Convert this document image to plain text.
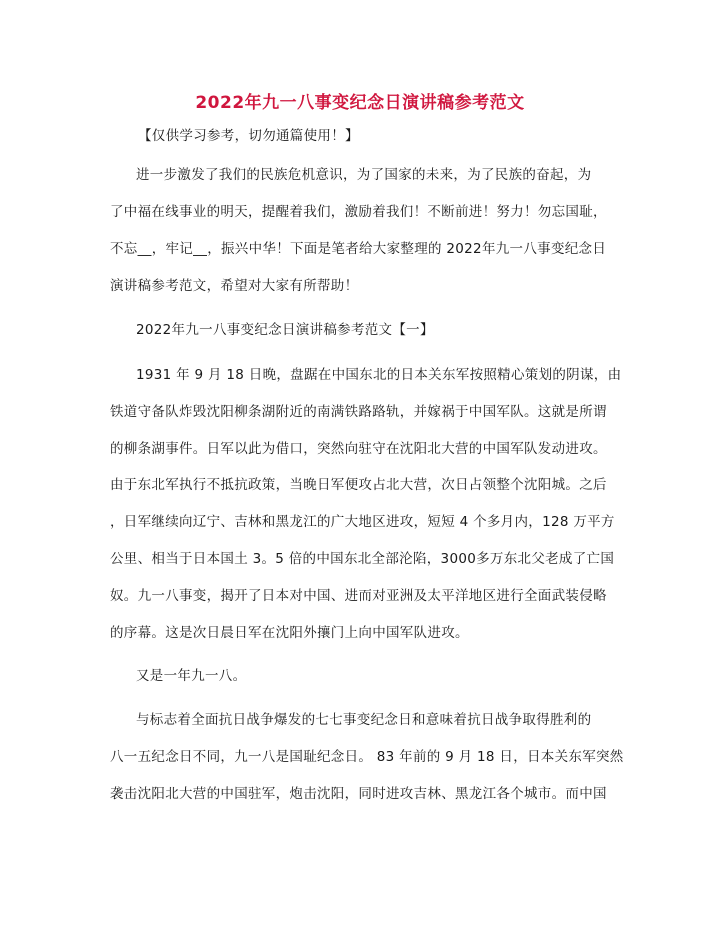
2022年九一八事变纪念日演讲稿参考范文
【仅供学习参考，切勿通篇使用！】
进一步激发了我们的民族危机意识，为了国家的未来，为了民族的奋起，为
了中福在线事业的明天，提醒着我们，激励着我们！不断前进！努力！勿忘国耻，
不忘__，牢记__，振兴中华！下面是笔者给大家整理的 2022年九一八事变纪念日
演讲稿参考范文，希望对大家有所帮助！
2022年九一八事变纪念日演讲稿参考范文【一】
1931 年 9 月 18 日晚，盘踞在中国东北的日本关东军按照精心策划的阴谋，由
铁道守备队炸毁沈阳柳条湖附近的南满铁路路轨，并嫁祸于中国军队。这就是所谓
的柳条湖事件。日军以此为借口，突然向驻守在沈阳北大营的中国军队发动进攻。
由于东北军执行不抵抗政策，当晚日军便攻占北大营，次日占领整个沈阳城。之后
，日军继续向辽宁、吉林和黑龙江的广大地区进攻，短短 4 个多月内，128 万平方
公里、相当于日本国土 3。5 倍的中国东北全部沦陷，3000多万东北父老成了亡国
奴。九一八事变，揭开了日本对中国、进而对亚洲及太平洋地区进行全面武装侵略
的序幕。这是次日晨日军在沈阳外攘门上向中国军队进攻。
又是一年九一八。
与标志着全面抗日战争爆发的七七事变纪念日和意味着抗日战争取得胜利的
八一五纪念日不同，九一八是国耻纪念日。 83 年前的 9 月 18 日，日本关东军突然
袭击沈阳北大营的中国驻军，炮击沈阳，同时进攻吉林、黑龙江各个城市。而中国
